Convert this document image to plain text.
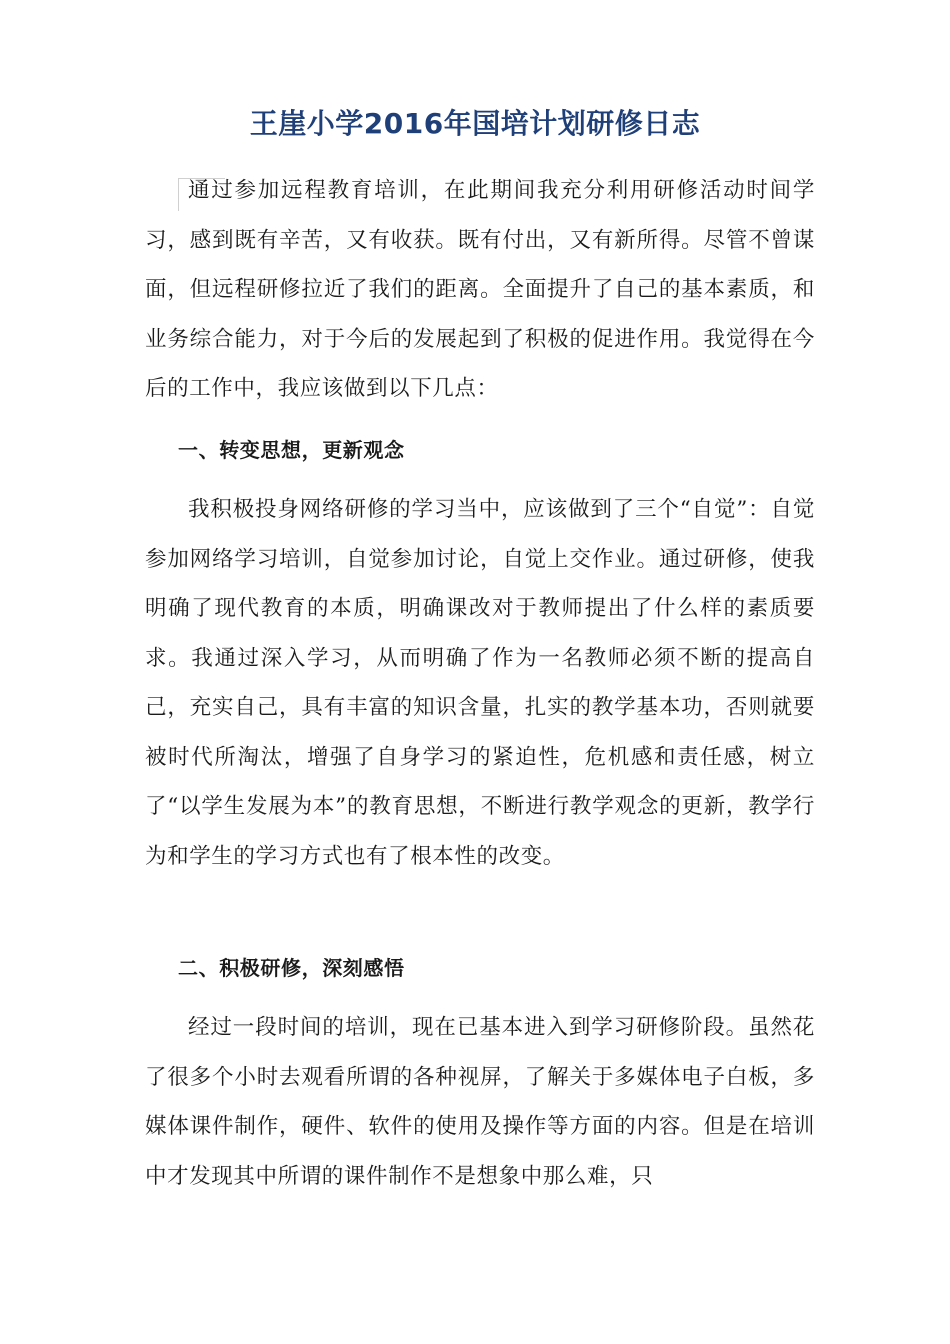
王崖小学2016年国培计划研修日志

通过参加远程教育培训，在此期间我充分利用研修活动时间学习，感到既有辛苦，又有收获。既有付出，又有新所得。尽管不曾谋面，但远程研修拉近了我们的距离。全面提升了自己的基本素质，和业务综合能力，对于今后的发展起到了积极的促进作用。我觉得在今后的工作中，我应该做到以下几点：

一、转变思想，更新观念

我积极投身网络研修的学习当中，应该做到了三个“自觉”：自觉参加网络学习培训，自觉参加讨论，自觉上交作业。通过研修，使我明确了现代教育的本质，明确课改对于教师提出了什么样的素质要求。我通过深入学习，从而明确了作为一名教师必须不断的提高自己，充实自己，具有丰富的知识含量，扎实的教学基本功，否则就要被时代所淘汰，增强了自身学习的紧迫性，危机感和责任感，树立了“以学生发展为本”的教育思想，不断进行教学观念的更新，教学行为和学生的学习方式也有了根本性的改变。

二、积极研修，深刻感悟

经过一段时间的培训，现在已基本进入到学习研修阶段。虽然花了很多个小时去观看所谓的各种视屏，了解关于多媒体电子白板，多媒体课件制作，硬件、软件的使用及操作等方面的内容。但是在培训中才发现其中所谓的课件制作不是想象中那么难，只
